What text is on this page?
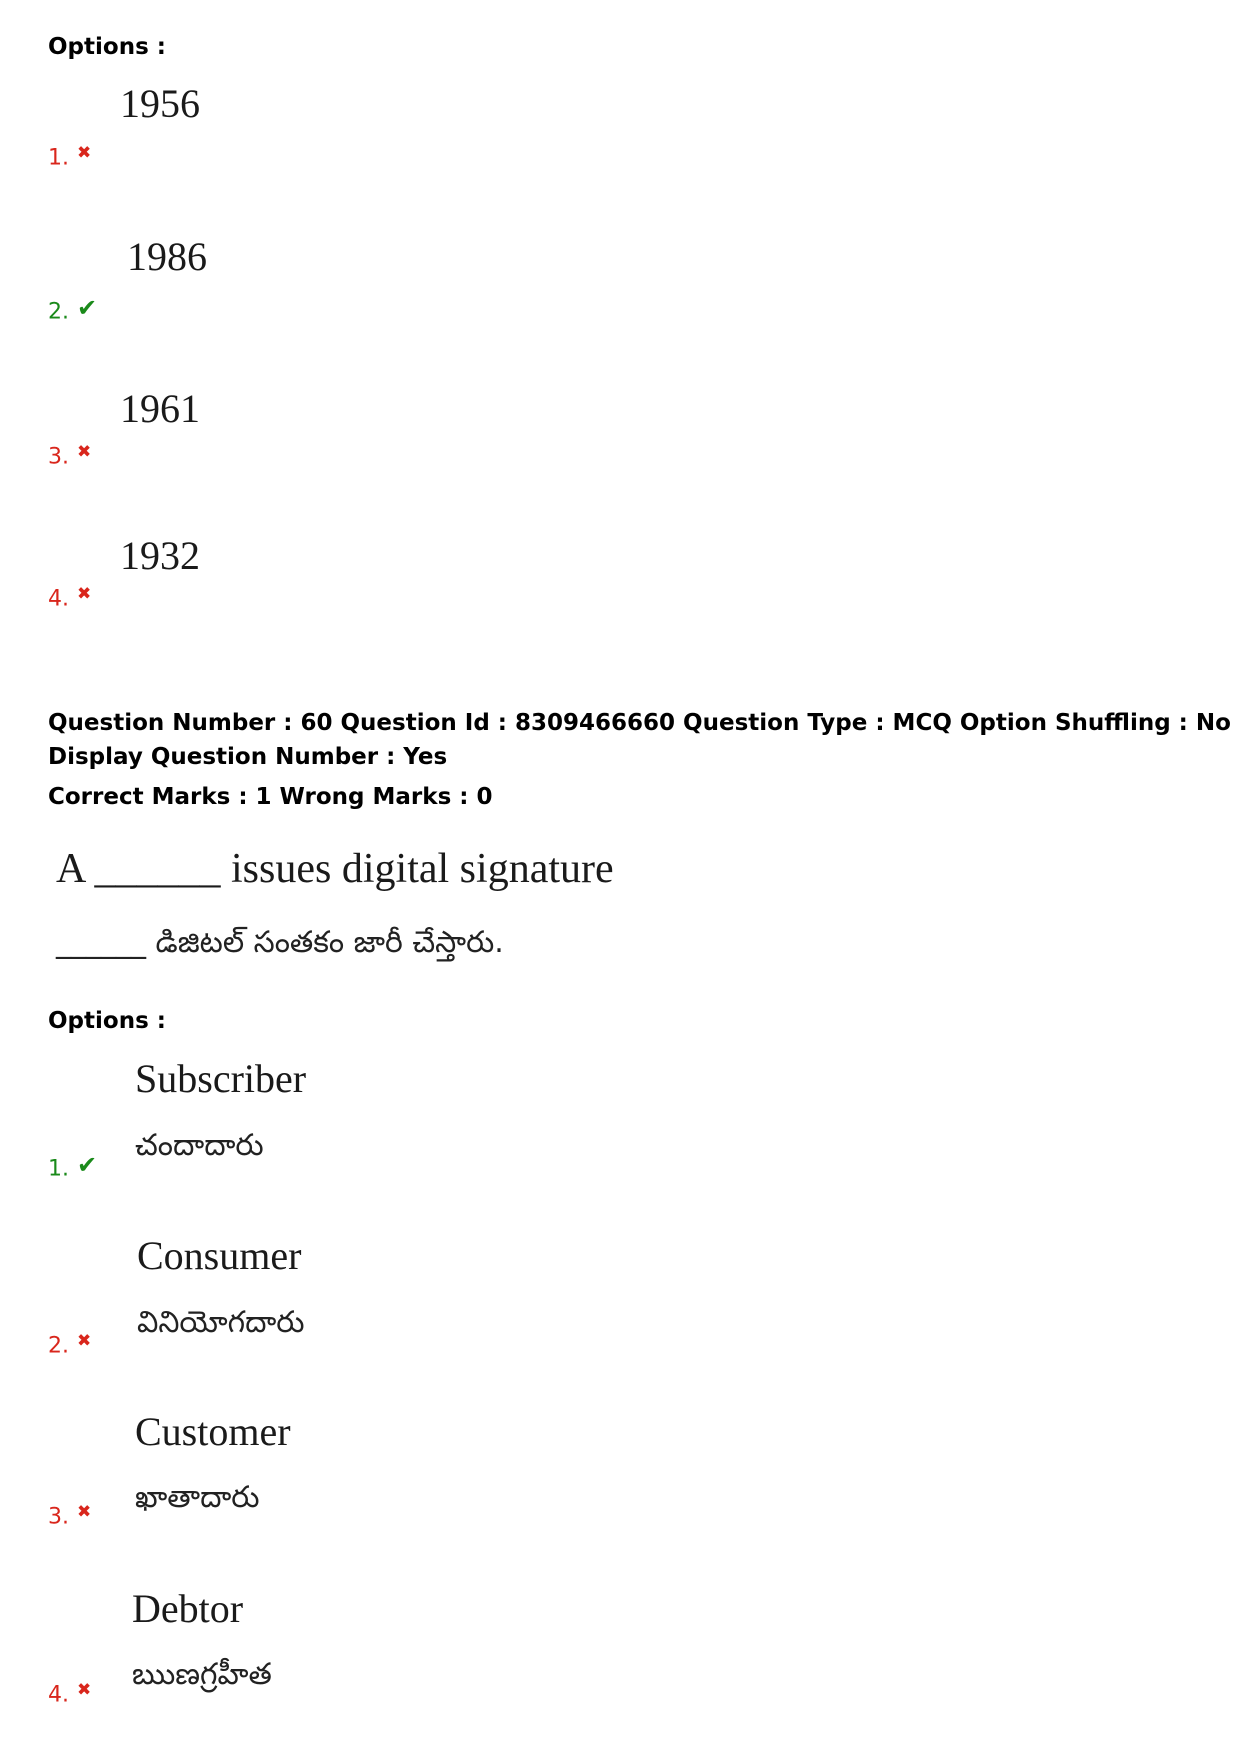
Options :
1956
1. ✖
1986
2. ✔
1961
3. ✖
1932
4. ✖
Question Number : 60 Question Id : 8309466660 Question Type : MCQ Option Shuffling : No
Display Question Number : Yes
Correct Marks : 1 Wrong Marks : 0
A ______ issues digital signature
______ డిజిటల్ సంతకం జారీ చేస్తారు.
Options :
Subscriber
చందాదారు
1. ✔
Consumer
వినియోగదారు
2. ✖
Customer
ఖాతాదారు
3. ✖
Debtor
ఋణగ్రహీత
4. ✖
